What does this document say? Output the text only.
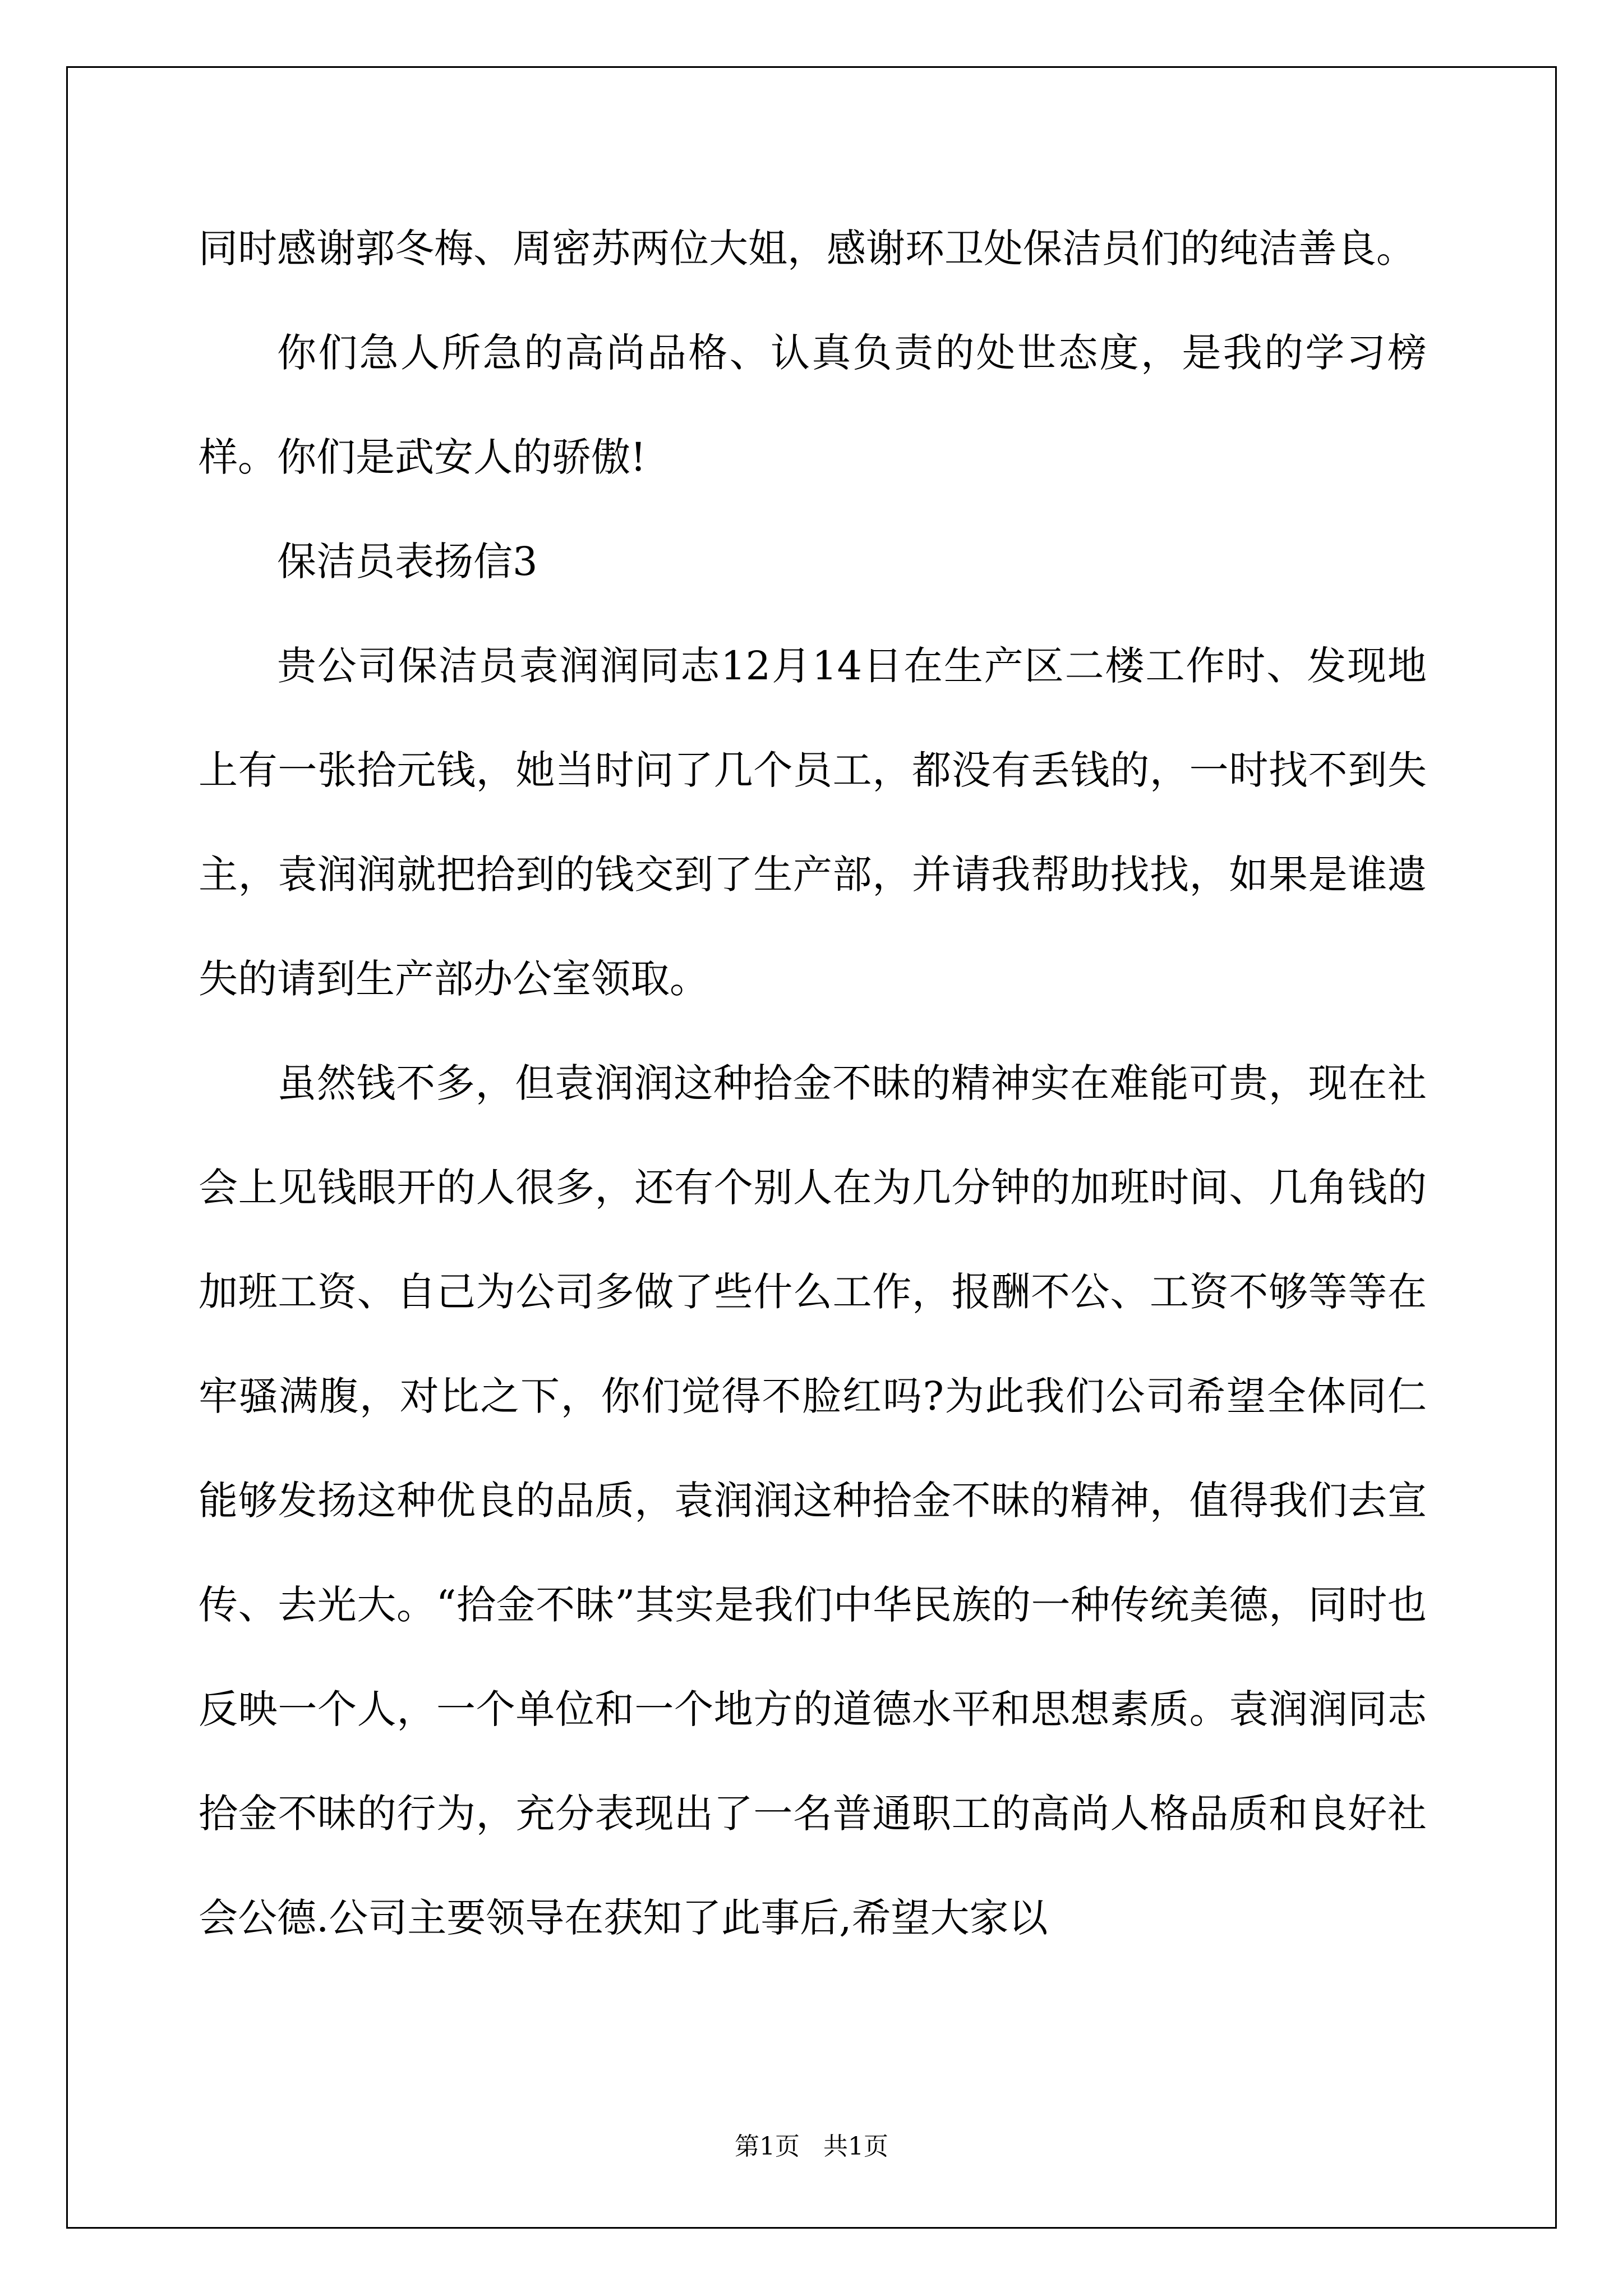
同时感谢郭冬梅、周密苏两位大姐，感谢环卫处保洁员们的纯洁善良。

你们急人所急的高尚品格、认真负责的处世态度，是我的学习榜样。你们是武安人的骄傲!

保洁员表扬信3

贵公司保洁员袁润润同志12月14日在生产区二楼工作时、发现地上有一张拾元钱，她当时问了几个员工，都没有丢钱的，一时找不到失主，袁润润就把拾到的钱交到了生产部，并请我帮助找找，如果是谁遗失的请到生产部办公室领取。

虽然钱不多，但袁润润这种拾金不昧的精神实在难能可贵，现在社会上见钱眼开的人很多，还有个别人在为几分钟的加班时间、几角钱的加班工资、自己为公司多做了些什么工作，报酬不公、工资不够等等在牢骚满腹，对比之下，你们觉得不脸红吗?为此我们公司希望全体同仁能够发扬这种优良的品质，袁润润这种拾金不昧的精神，值得我们去宣传、去光大。“拾金不昧”其实是我们中华民族的一种传统美德，同时也反映一个人，一个单位和一个地方的道德水平和思想素质。袁润润同志拾金不昧的行为，充分表现出了一名普通职工的高尚人格品质和良好社会公德.公司主要领导在获知了此事后,希望大家以

第1页 共1页
